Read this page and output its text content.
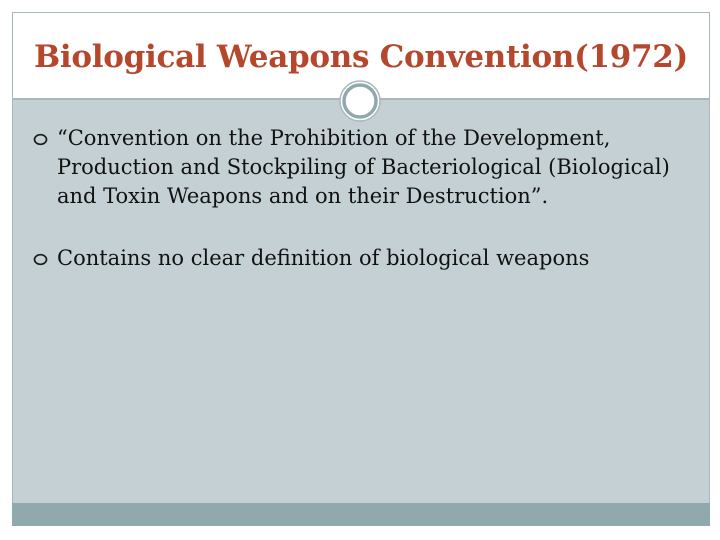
Biological Weapons Convention(1972)
“Convention on the Prohibition of the Development, Production and Stockpiling of Bacteriological (Biological) and Toxin Weapons and on their Destruction”.
Contains no clear definition of biological weapons
